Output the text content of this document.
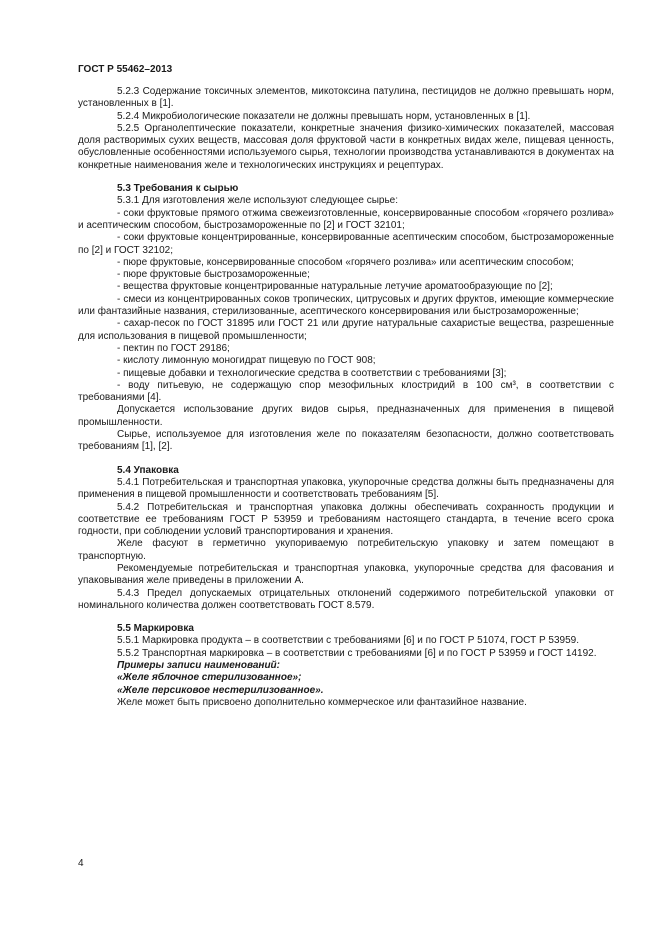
ГОСТ Р 55462–2013

5.2.3 Содержание токсичных элементов, микотоксина патулина, пестицидов не должно превышать норм, установленных в [1].

5.2.4 Микробиологические показатели не должны превышать норм, установленных в [1].

5.2.5 Органолептические показатели, конкретные значения физико-химических показателей, массовая доля растворимых сухих веществ, массовая доля фруктовой части в конкретных видах желе, пищевая ценность, обусловленные особенностями используемого сырья, технологии производства устанавливаются в документах на конкретные наименования желе и технологических инструкциях и рецептурах.

5.3 Требования к сырью

5.3.1 Для изготовления желе используют следующее сырье:

- соки фруктовые прямого отжима свежеизготовленные, консервированные способом «горячего розлива» и асептическим способом, быстрозамороженные по [2] и ГОСТ 32101;

- соки фруктовые концентрированные, консервированные асептическим способом, быстрозамороженные по [2] и ГОСТ 32102;

- пюре фруктовые, консервированные способом «горячего розлива» или асептическим способом;

- пюре фруктовые быстрозамороженные;

- вещества фруктовые концентрированные натуральные летучие ароматообразующие по [2];

- смеси из концентрированных соков тропических, цитрусовых и других фруктов, имеющие коммерческие или фантазийные названия, стерилизованные, асептического консервирования или быстрозамороженные;

- сахар-песок по ГОСТ 31895 или ГОСТ 21 или другие натуральные сахаристые вещества, разрешенные для использования в пищевой промышленности;

- пектин по ГОСТ 29186;

- кислоту лимонную моногидрат пищевую по ГОСТ 908;

- пищевые добавки и технологические средства в соответствии с требованиями [3];

- воду питьевую, не содержащую спор мезофильных клостридий в 100 см³, в соответствии с требованиями [4].

Допускается использование других видов сырья, предназначенных для применения в пищевой промышленности.

Сырье, используемое для изготовления желе по показателям безопасности, должно соответствовать требованиям [1], [2].

5.4 Упаковка

5.4.1 Потребительская и транспортная упаковка, укупорочные средства должны быть предназначены для применения в пищевой промышленности и соответствовать требованиям [5].

5.4.2 Потребительская и транспортная упаковка должны обеспечивать сохранность продукции и соответствие ее требованиям ГОСТ Р 53959 и требованиям настоящего стандарта, в течение всего срока годности, при соблюдении условий транспортирования и хранения.

Желе фасуют в герметично укупориваемую потребительскую упаковку и затем помещают в транспортную.

Рекомендуемые потребительская и транспортная упаковка, укупорочные средства для фасования и упаковывания желе приведены в приложении А.

5.4.3 Предел допускаемых отрицательных отклонений содержимого потребительской упаковки от номинального количества должен соответствовать ГОСТ 8.579.

5.5 Маркировка

5.5.1 Маркировка продукта – в соответствии с требованиями [6] и по ГОСТ Р 51074, ГОСТ Р 53959.

5.5.2 Транспортная маркировка – в соответствии с требованиями [6] и по ГОСТ Р 53959 и ГОСТ 14192.

Примеры записи наименований:

«Желе яблочное стерилизованное»;

«Желе персиковое нестерилизованное».

Желе может быть присвоено дополнительно коммерческое или фантазийное название.

4
